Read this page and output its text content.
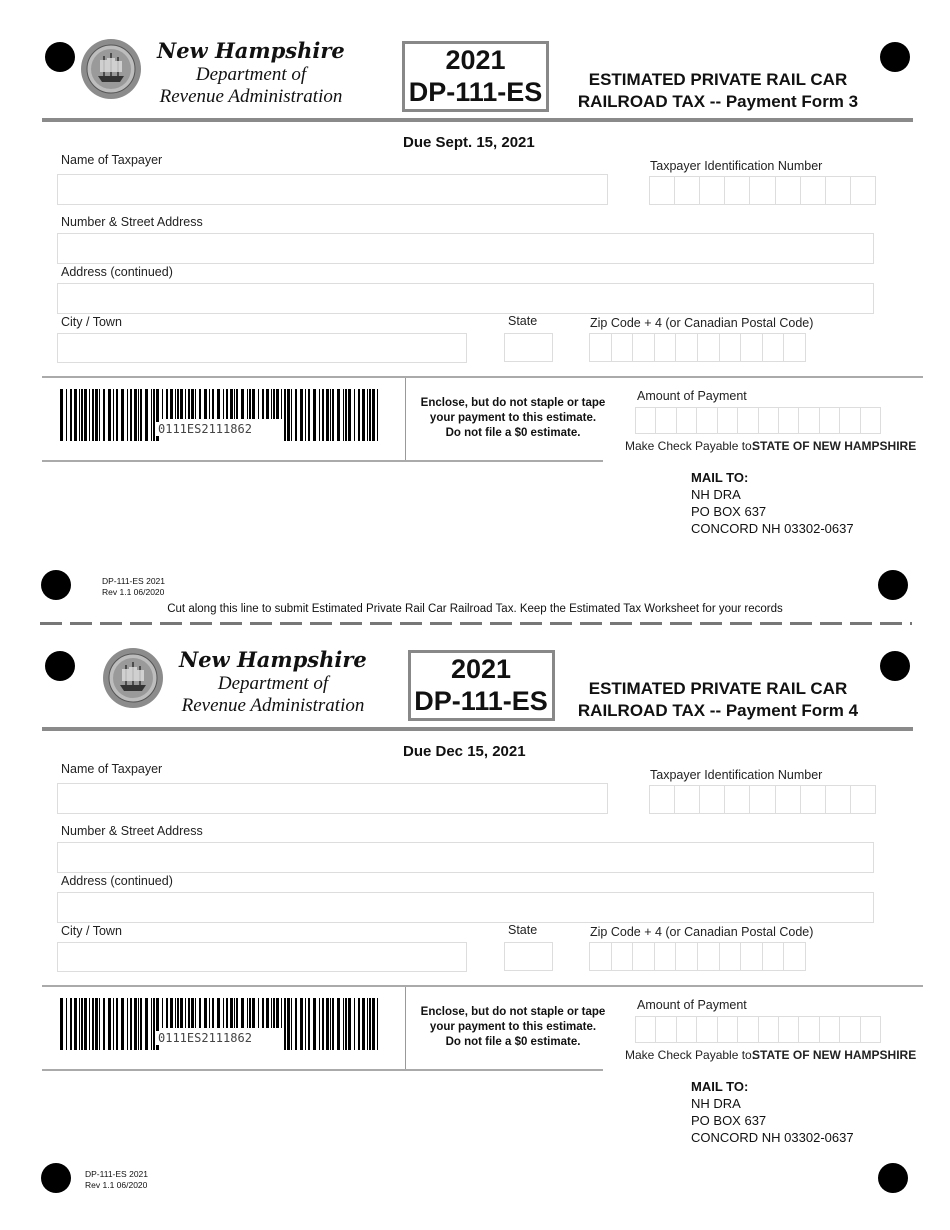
New Hampshire
Department of
Revenue Administration
2021
DP-111-ES	ESTIMATED PRIVATE RAIL CAR
RAILROAD TAX -- Payment Form 3
Due Sept. 15, 2021
Name of Taxpayer	Taxpayer Identification Number
Number & Street Address
Address (continued)
City / Town	State	Zip Code + 4 (or Canadian Postal Code)
0111ES2111862
Enclose, but do not staple or tape
your payment to this estimate.
Do not file a $0 estimate.
Amount of Payment
Make Check Payable to:
STATE OF NEW HAMPSHIRE
MAIL TO:
NH DRA
PO BOX 637
CONCORD NH 03302-0637
DP-111-ES 2021
Rev 1.1 06/2020
New Hampshire
Department of
Revenue Administration
2021
DP-111-ES	ESTIMATED PRIVATE RAIL CAR
RAILROAD TAX -- Payment Form 4
Due Dec 15, 2021
Name of Taxpayer	Taxpayer Identification Number
Number & Street Address
Address (continued)
City / Town	State	Zip Code + 4 (or Canadian Postal Code)
0111ES2111862
Enclose, but do not staple or tape
your payment to this estimate.
Do not file a $0 estimate.
Amount of Payment
Make Check Payable to:
STATE OF NEW HAMPSHIRE
MAIL TO:
NH DRA
PO BOX 637
CONCORD NH 03302-0637
DP-111-ES 2021
Rev 1.1 06/2020
Cut along this line to submit Estimated Private Rail Car Railroad Tax. Keep the Estimated Tax Worksheet for your records
